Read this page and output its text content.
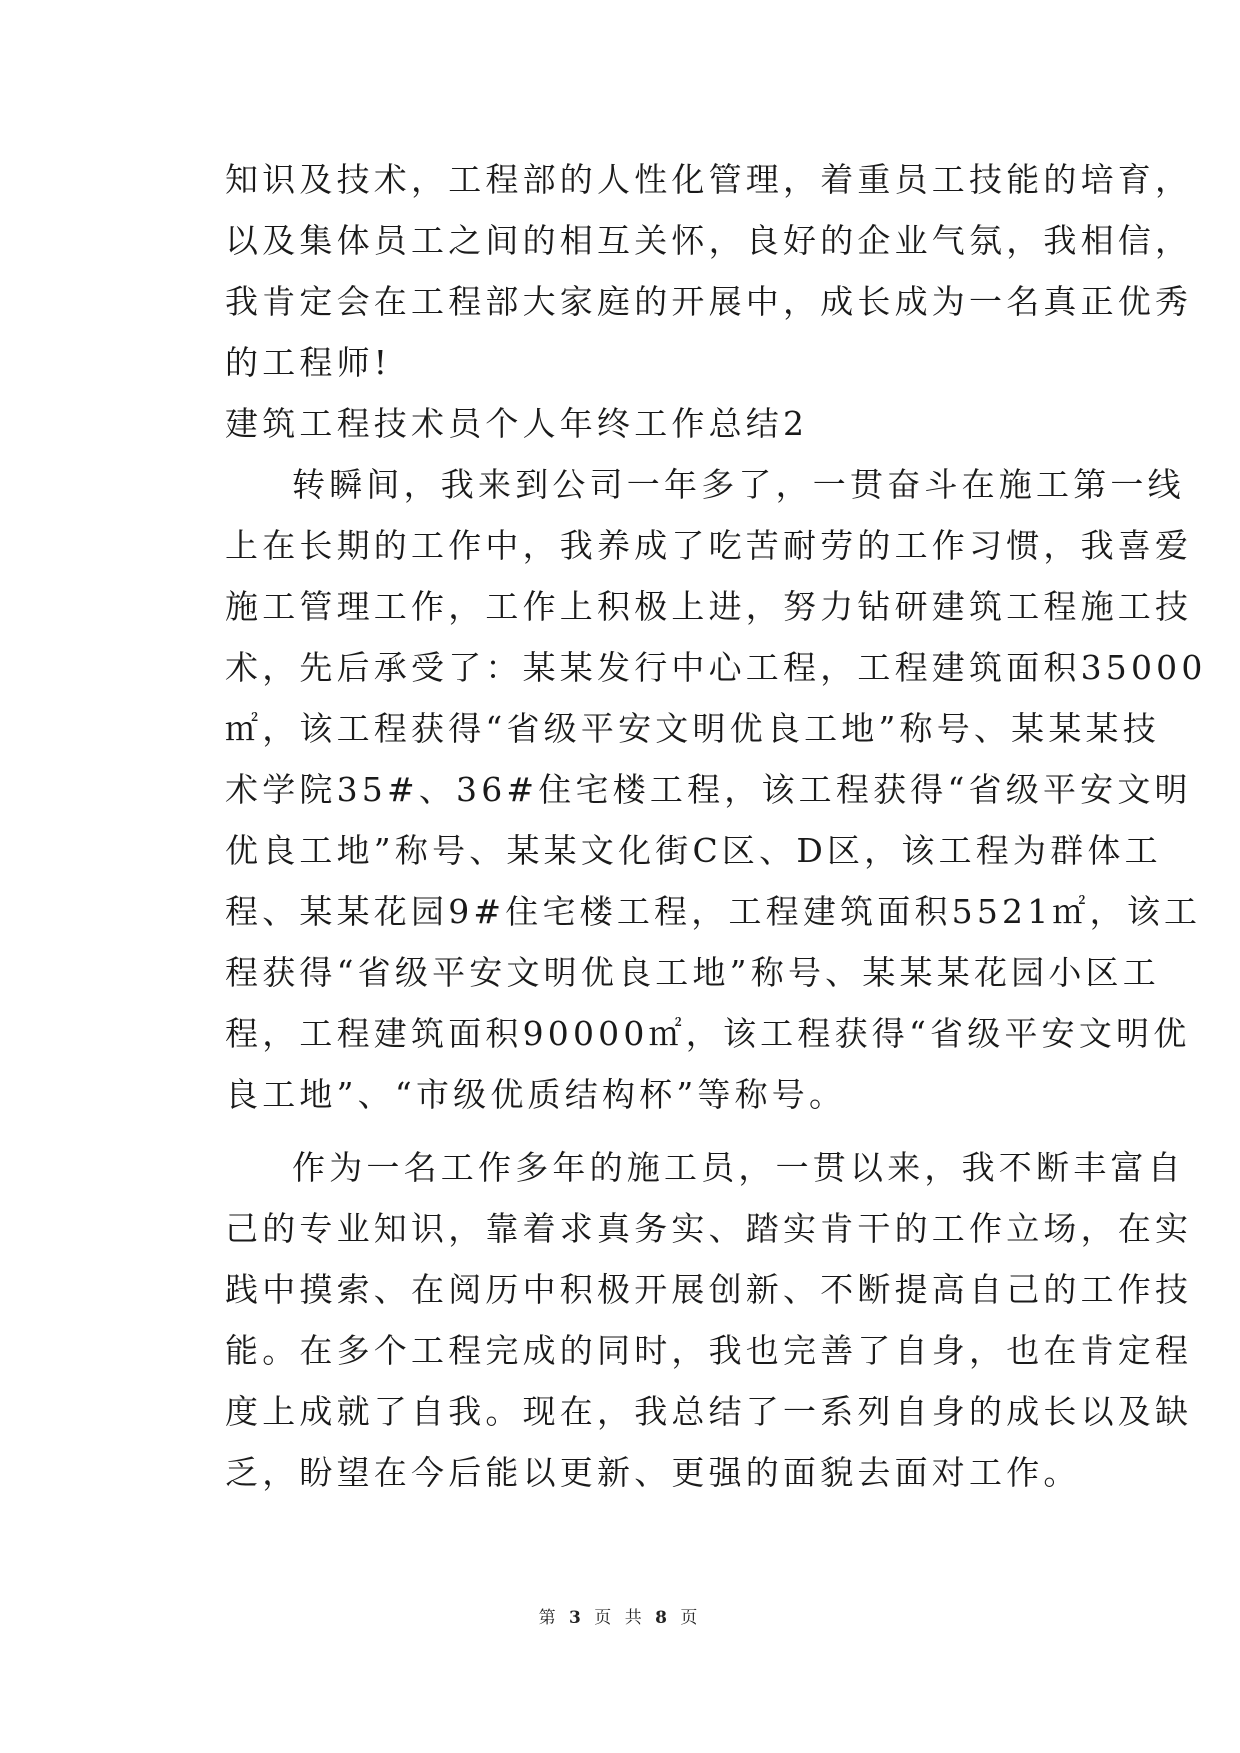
知识及技术，工程部的人性化管理，着重员工技能的培育，
以及集体员工之间的相互关怀，良好的企业气氛，我相信，
我肯定会在工程部大家庭的开展中，成长成为一名真正优秀
的工程师!
建筑工程技术员个人年终工作总结2
转瞬间，我来到公司一年多了，一贯奋斗在施工第一线
上在长期的工作中，我养成了吃苦耐劳的工作习惯，我喜爱
施工管理工作，工作上积极上进，努力钻研建筑工程施工技
术，先后承受了：某某发行中心工程，工程建筑面积35000
㎡，该工程获得“省级平安文明优良工地”称号、某某某技
术学院35#、36#住宅楼工程，该工程获得“省级平安文明
优良工地”称号、某某文化街C区、D区，该工程为群体工
程、某某花园9#住宅楼工程，工程建筑面积5521㎡，该工
程获得“省级平安文明优良工地”称号、某某某花园小区工
程，工程建筑面积90000㎡，该工程获得“省级平安文明优
良工地”、“市级优质结构杯”等称号。
作为一名工作多年的施工员，一贯以来，我不断丰富自
己的专业知识，靠着求真务实、踏实肯干的工作立场，在实
践中摸索、在阅历中积极开展创新、不断提高自己的工作技
能。在多个工程完成的同时，我也完善了自身，也在肯定程
度上成就了自我。现在，我总结了一系列自身的成长以及缺
乏，盼望在今后能以更新、更强的面貌去面对工作。
第 3 页 共 8 页
